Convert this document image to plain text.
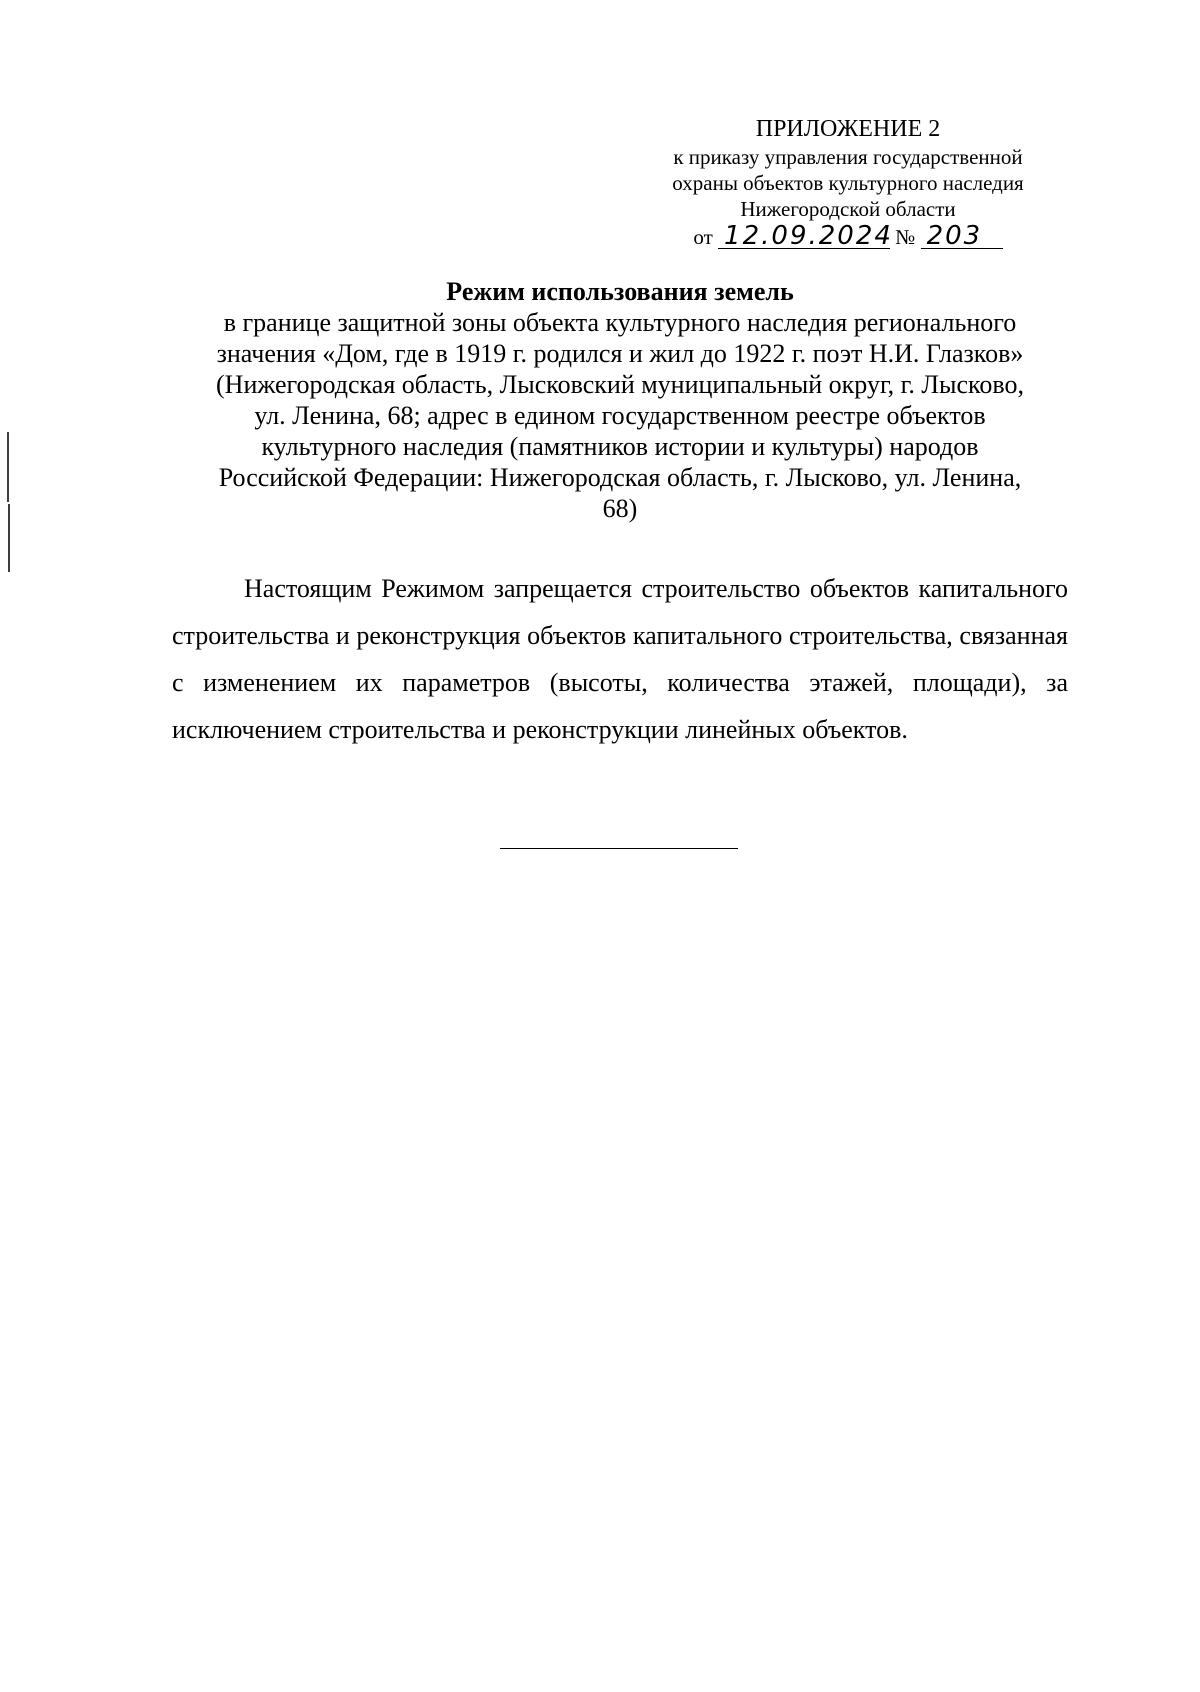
ПРИЛОЖЕНИЕ 2
к приказу управления государственной
охраны объектов культурного наследия
Нижегородской области
от 12.09.2024 № 203
Режим использования земель
в границе защитной зоны объекта культурного наследия регионального
значения «Дом, где в 1919 г. родился и жил до 1922 г. поэт Н.И. Глазков»
(Нижегородская область, Лысковский муниципальный округ, г. Лысково,
ул. Ленина, 68; адрес в едином государственном реестре объектов
культурного наследия (памятников истории и культуры) народов
Российской Федерации: Нижегородская область, г. Лысково, ул. Ленина,
68)
Настоящим Режимом запрещается строительство объектов капитального строительства и реконструкция объектов капитального строительства, связанная с изменением их параметров (высоты, количества этажей, площади), за исключением строительства и реконструкции линейных объектов.
